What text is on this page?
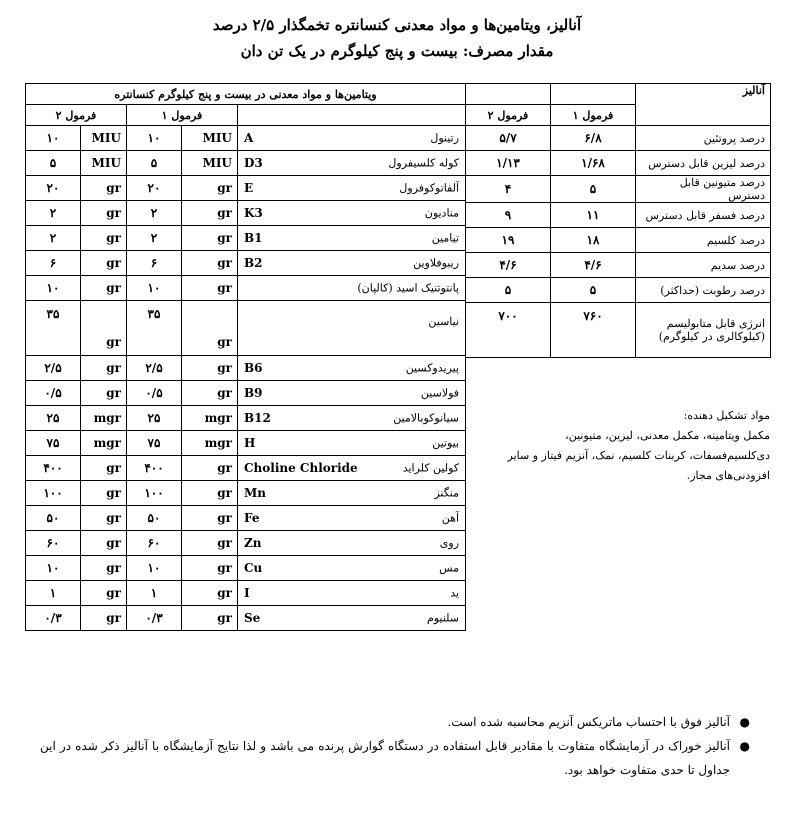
آنالیز، ویتامین‌ها و مواد معدنی کنسانتره تخمگذار ۲/۵ درصد
مقدار مصرف: بیست و پنج کیلوگرم در یک تن دان
ویتامین‌ها و مواد معدنی در بیست و پنج کیلوگرم کنسانتره				
فرمول ۲		فرمول ۱		
۱۰	MIU	۱۰	MIU	A رتینول

۵	MIU	۵	MIU	D3 کوله کلسیفرول

۲۰	gr	۲۰	gr	E آلفاتوکوفرول

۲	gr	۲	gr	K3 منادیون

۲	gr	۲	gr	B1 تیامین

۶	gr	۶	gr	B2 ریبوفلاوین

۱۰	gr	۱۰	gr	پانتوتنیک اسید (کالپان)

۳۵	gr	۳۵	gr	نیاسین

۲/۵	gr	۲/۵	gr	B6 پیریدوکسین

۰/۵	gr	۰/۵	gr	B9 فولاسین

۲۵	mgr	۲۵	mgr	B12 سیانوکوبالامین

۷۵	mgr	۷۵	mgr	H بیوتین

۴۰۰	gr	۴۰۰	gr	Choline Chloride کولین کلراید

۱۰۰	gr	۱۰۰	gr	Mn منگنز

۵۰	gr	۵۰	gr	Fe آهن

۶۰	gr	۶۰	gr	Zn روی

۱۰	gr	۱۰	gr	Cu مس

۱	gr	۱	gr	I ید

۰/۳	gr	۰/۳	gr	Se سلنیوم
آنالیز		
	فرمول ۱	فرمول ۲
درصد پروتئین	۶/۸	۵/۷
درصد لیزین قابل دسترس	۱/۶۸	۱/۱۳
درصد متیونین قابل دسترس	۵	۴
درصد فسفر قابل دسترس	۱۱	۹
درصد کلسیم	۱۸	۱۹
درصد سدیم	۴/۶	۴/۶
درصد رطوبت (حداکثر)	۵	۵
انرژی قابل متابولیسم (کیلوکالری در کیلوگرم)	۷۶۰	۷۰۰
مواد تشکیل دهنده:
مکمل ویتامینه، مکمل معدنی، لیزین، متیونین، دی‌کلسیم‌فسفات، کربنات کلسیم، نمک، آنزیم فیتاز و سایر افزودنی‌های مجاز.
●
آنالیز فوق با احتساب ماتریکس آنزیم محاسبه شده است.
●
آنالیز خوراک در آزمایشگاه متفاوت با مقادیر قابل استفاده در دستگاه گوارش پرنده می باشد و لذا نتایج آزمایشگاه با آنالیز ذکر شده در این جداول تا حدی متفاوت خواهد بود.
